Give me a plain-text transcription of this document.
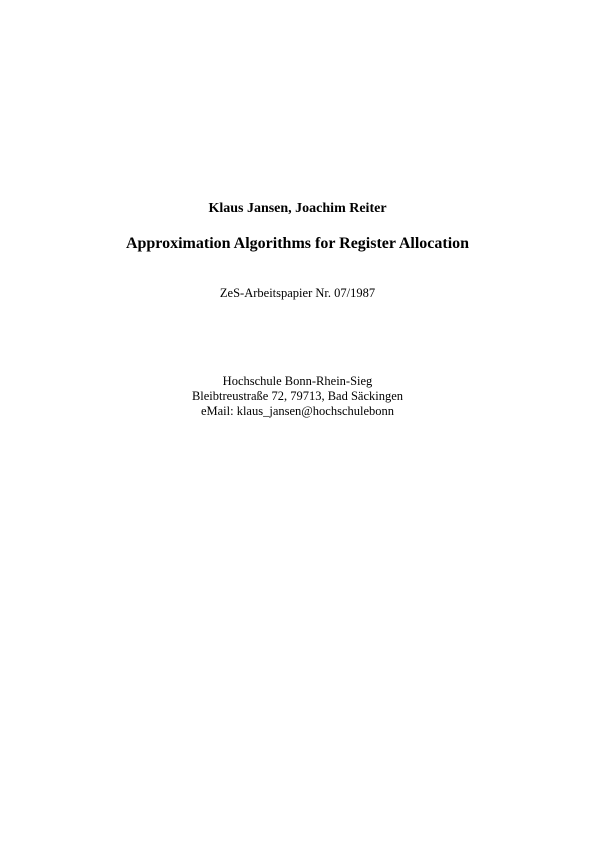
Klaus Jansen, Joachim Reiter
Approximation Algorithms for Register Allocation
ZeS-Arbeitspapier Nr. 07/1987
Hochschule Bonn-Rhein-Sieg
Bleibtreustraße 72, 79713, Bad Säckingen
eMail: klaus_jansen@hochschulebonn
